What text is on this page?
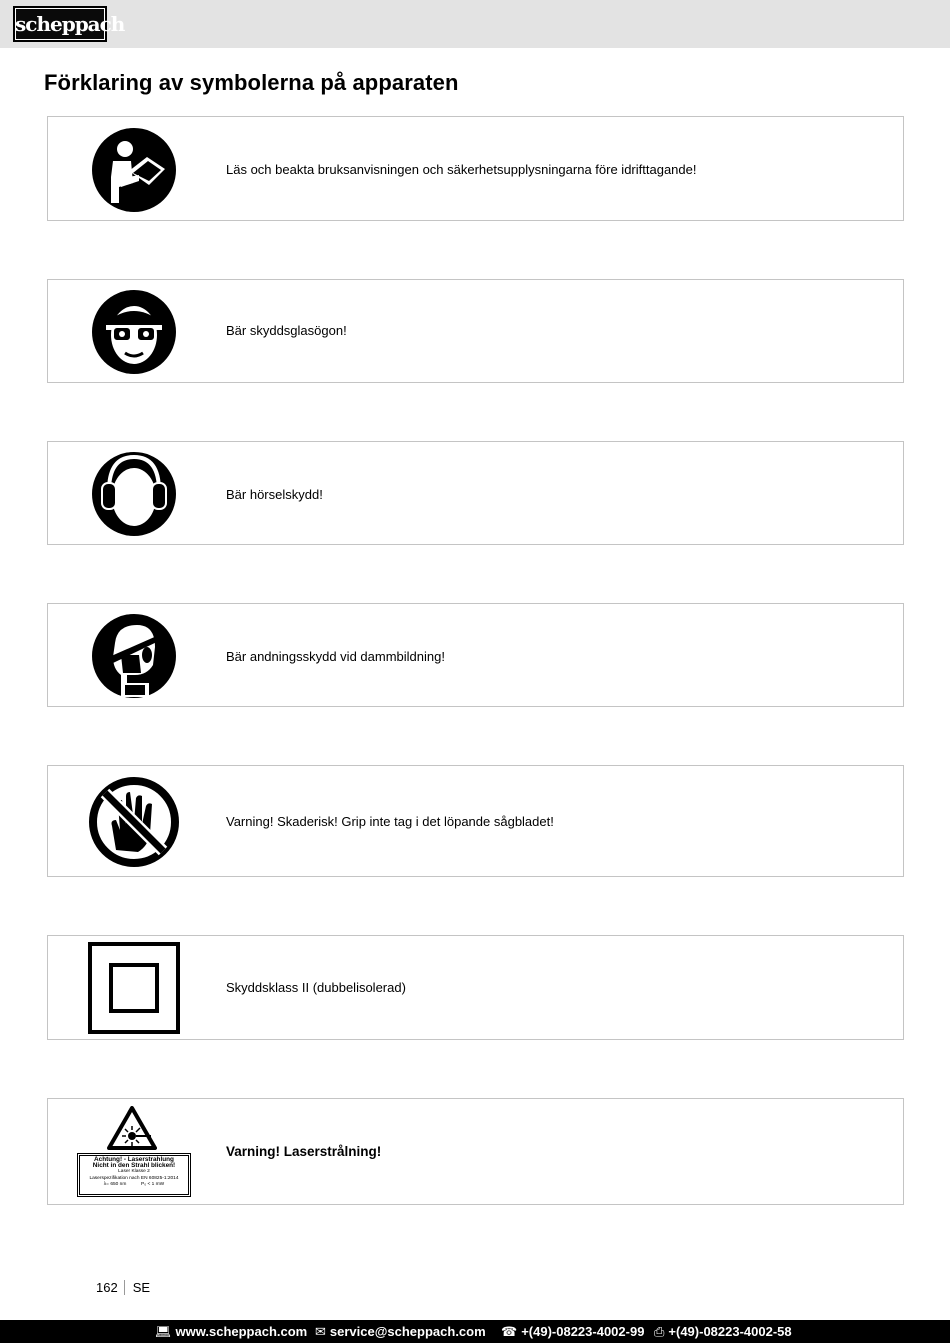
scheppach
Förklaring av symbolerna på apparaten
Läs och beakta bruksanvisningen och säkerhetsupplysningarna före idrifttagande!
Bär skyddsglasögon!
Bär hörselskydd!
Bär andningsskydd vid dammbildning!
Varning! Skaderisk! Grip inte tag i det löpande sågbladet!
Skyddsklass II (dubbelisolerad)
Achtung! - Laserstrahlung
Nicht in den Strahl blicken!
Laser Klasse 2
Laserspezifikation nach EN 60825-1:2014
λ= 650 nm	P₀ < 1 mW
Varning! Laserstrålning!
162 SE
💻︎ www.scheppach.com ✉ service@scheppach.com ☎ +(49)-08223-4002-99 ⎙ +(49)-08223-4002-58
